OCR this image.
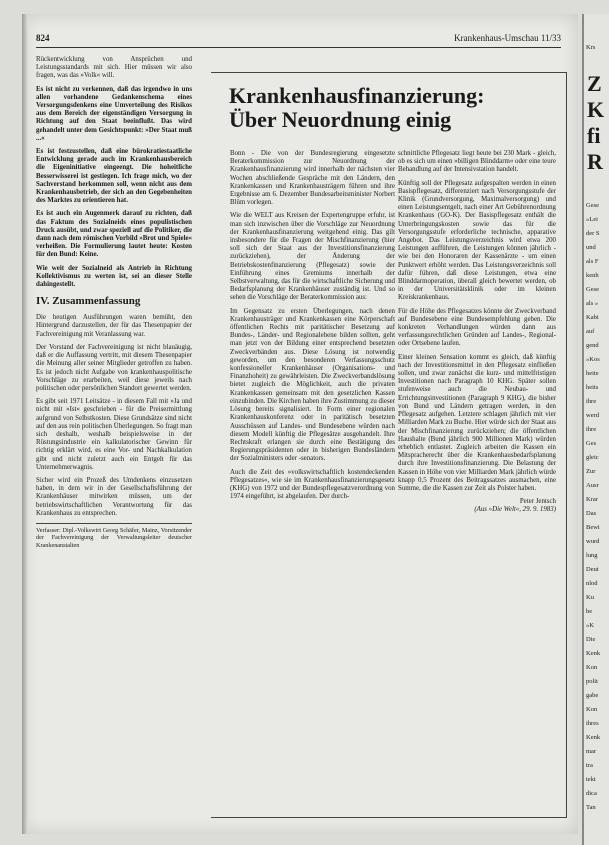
824	Krankenhaus-Umschau 11/33

Rückentwicklung von Ansprüchen und Leistungsstandards mit sich. Hier müssen wir also fragen, was das »Volk« will.

Es ist nicht zu verkennen, daß das irgendwo in uns allen vorhandene Gedankenschema eines Versorgungsdenkens eine Umverteilung des Risikos aus dem Bereich der eigenständigen Versorgung in Richtung auf den Staat beeinflußt. Das wird gehandelt unter dem Gesichtspunkt: »Der Staat muß ...«

Es ist festzustellen, daß eine bürokratiestaatliche Entwicklung gerade auch im Krankenhausbereich die Eigeninitiative eingeengt. Die hoheitliche Besserwisserei ist gestiegen. Ich frage mich, wo der Sachverstand herkommen soll, wenn nicht aus dem Krankenhausbetrieb, der sich an den Gegebenheiten des Marktes zu orientieren hat.

Es ist auch ein Augenmerk darauf zu richten, daß das Faktum des Sozialneids eines populistischen Druck ausübt, und zwar speziell auf die Politiker, die dann nach dem römischen Vorbild »Brot und Spiele« verheißen. Die Formulierung lautet heute: Kosten für den Bund: Keine.

Wie weit der Sozialneid als Antrieb in Richtung Kollektivismus zu werten ist, sei an dieser Stelle dahingestellt.

IV. Zusammenfassung

Die heutigen Ausführungen waren bemüht, den Hintergrund darzustellen, der für das Thesenpapier der Fachvereinigung mit Veranlassung war.

Der Vorstand der Fachvereinigung ist nicht blauäugig, daß er die Auffassung vertritt, mit diesem Thesenpapier die Meinung aller seiner Mitglieder getroffen zu haben. Es ist jedoch nicht Aufgabe von krankenhauspolitische Vorschläge zu erarbeiten, weil diese jeweils nach politischen oder persönlichen Standort gewertet werden.

Es gibt seit 1971 Leitsätze - in diesem Fall mit »Ja und nicht mit »Ist« geschrieben - für die Preisermittlung aufgrund von Selbstkosten. Diese Grundsätze sind nicht auf den aus rein politischen Überlegungen. So fragt man sich deshalb, weshalb beispielsweise in der Rüstungsindustrie ein kalkulatorischer Gewinn für richtig erklärt wird, es eine Vor- und Nachkalkulation gibt und nicht zuletzt auch ein Entgelt für das Unternehmerwagnis.

Sicher wird ein Prozeß des Umdenkens einzusetzen haben, in dem wir in der Gesellschaftsführung der Krankenhäuser mitwirken müssen, um der betriebswirtschaftlichen Verantwortung für das Krankenhaus zu entsprechen.

Verfasser: Dipl.-Volkswirt Georg Schäfer, Mainz, Vorsitzender der Fachvereinigung der Verwaltungsleiter deutscher Krankenanstalten
Krankenhausfinanzierung:
Über Neuordnung einig

Bonn - Die von der Bundesregierung eingesetzte Beraterkommission zur Neuordnung der Krankenhausfinanzierung wird innerhalb der nächsten vier Wochen abschließende Gespräche mit den Ländern, den Krankenkassen und Krankenhausträgern führen und ihre Ergebnisse am 6. Dezember Bundesarbeitsminister Norbert Blüm vorlegen.

Wie die WELT aus Kreisen der Expertengruppe erfuhr, ist man sich inzwischen über die Vorschläge zur Neuordnung der Krankenhausfinanzierung weitgehend einig. Das gilt insbesondere für die Fragen der Mischfinanzierung (hier soll sich der Staat aus der Investitionsfinanzierung zurückziehen), der Änderung der Betriebskostenfinanzierung (Pflegesatz) sowie der Einführung eines Gremiums innerhalb der Selbstverwaltung, das für die wirtschaftliche Sicherung und Bedarfsplanung der Krankenhäuser zuständig ist. Und so sehen die Vorschläge der Beraterkommission aus:

Im Gegensatz zu ersten Überlegungen, nach denen Krankenhausträger und Krankenkassen eine Körperschaft öffentlichen Rechts mit paritätischer Besetzung auf Bundes-, Länder- und Regionalebene bilden sollten, geht man jetzt von der Bildung einer entsprechend besetzten Zweckverbänden aus. Diese Lösung ist notwendig geworden, um den besonderen Verfassungsschutz konfessioneller Krankenhäuser (Organisations- und Finanzhoheit) zu gewährleisten. Die Zweckverbandslösung bietet zugleich die Möglichkeit, auch die privaten Krankenkassen gemeinsam mit den gesetzlichen Kassen einzubinden. Die Kirchen haben ihre Zustimmung zu dieser Lösung bereits signalisiert. In Form einer regionalen Krankenhauskonferenz oder in paritätisch besetzten Ausschüssen auf Landes- und Bundesebene würden nach diesem Modell künftig die Pflegesätze ausgehandelt. Ihre Rechtskraft erlangen sie durch eine Bestätigung des Regierungspräsidenten oder in bisherigen Bundesländern der Sozialministers oder -senators.

Auch die Zeit des »volkswirtschaftlich kostendeckenden Pflegesatzes«, wie sie im Krankenhausfinanzierungsgesetz (KHG) von 1972 und der Bundespflegesatzverordnung von 1974 eingeführt, ist abgelaufen. Der durch-

schnittliche Pflegesatz liegt heute bei 230 Mark - gleich, ob es sich um einen »billigen Blinddarm« oder eine teure Behandlung auf der Intensivstation handelt.

Künftig soll der Pflegesatz aufgespalten werden in einen Basispflegesatz, differenziert nach Versorgungsstufe der Klinik (Grundversorgung, Maximalversorgung) und einen Leistungsentgelt, nach einer Art Gebührenordnung Krankenhaus (GO-K). Der Basispflegesatz enthält die Unterbringungskosten sowie das für die Versorgungsstufe erforderliche technische, apparative Angebot. Das Leistungsverzeichnis wird etwa 200 Leistungen aufführen, die Leistungen können jährlich - wie bei den Honoraren der Kassenärzte - um einen Punktwert erhöht werden. Das Leistungsverzeichnis soll dafür führen, daß diese Leistungen, etwa eine Blinddarmoperation, überall gleich bewertet werden, ob in der Universitätsklinik oder im kleinen Kreiskrankenhaus.

Für die Höhe des Pflegesatzes könnte der Zweckverband auf Bundesebene eine Bundesempfehlung geben. Die konkreten Verhandlungen würden dann aus verfassungsrechtlichen Gründen auf Landes-, Regional- oder Ortsebene laufen.

Einer kleinen Sensation kommt es gleich, daß künftig nach der Investitionsmittel in den Pflegesatz einfließen sollen, und zwar zunächst die kurz- und mittelfristigen Investitionen nach Paragraph 10 KHG. Später sollen stufenweise auch die Neubau- und Errichtungsinvestitionen (Paragraph 9 KHG), die bisher von Bund und Ländern getragen werden, in den Pflegesatz aufgehen. Letztere schlagen jährlich mit vier Milliarden Mark zu Buche. Hier würde sich der Staat aus der Mischfinanzierung zurückziehen; die öffentlichen Haushalte (Bund jährlich 900 Millionen Mark) würden erheblich entlastet. Zugleich arbeiten die Kassen ein Mitspracherecht über die Krankenhausbedarfsplanung durch ihre Investitionsfinanzierung. Die Belastung der Kassen in Höhe von vier Milliarden Mark jährlich würde knapp 0,5 Prozent des Beitragssatzes ausmachen, eine Summe, die die Kassen zur Zeit als Polster haben.

Peter Jentsch
(Aus »Die Welt«, 29. 9. 1983)
Krs
Z
K
fi
R
Gese
»Lei
der S
und
als F
kenh
Gese
als »
Kabi
auf
gend
»Kos
heite
heits
ihre
werd
ihre
Ges
gleic
Zur
Ausr
Krar
Das
Bewi
wurd
lung
Deut
nlod
Ku
be
»K
Die
Kenk
Kon
polit
gabe
Kon
ihres
Kenk
mar
tra
tekt
dica
Tan
